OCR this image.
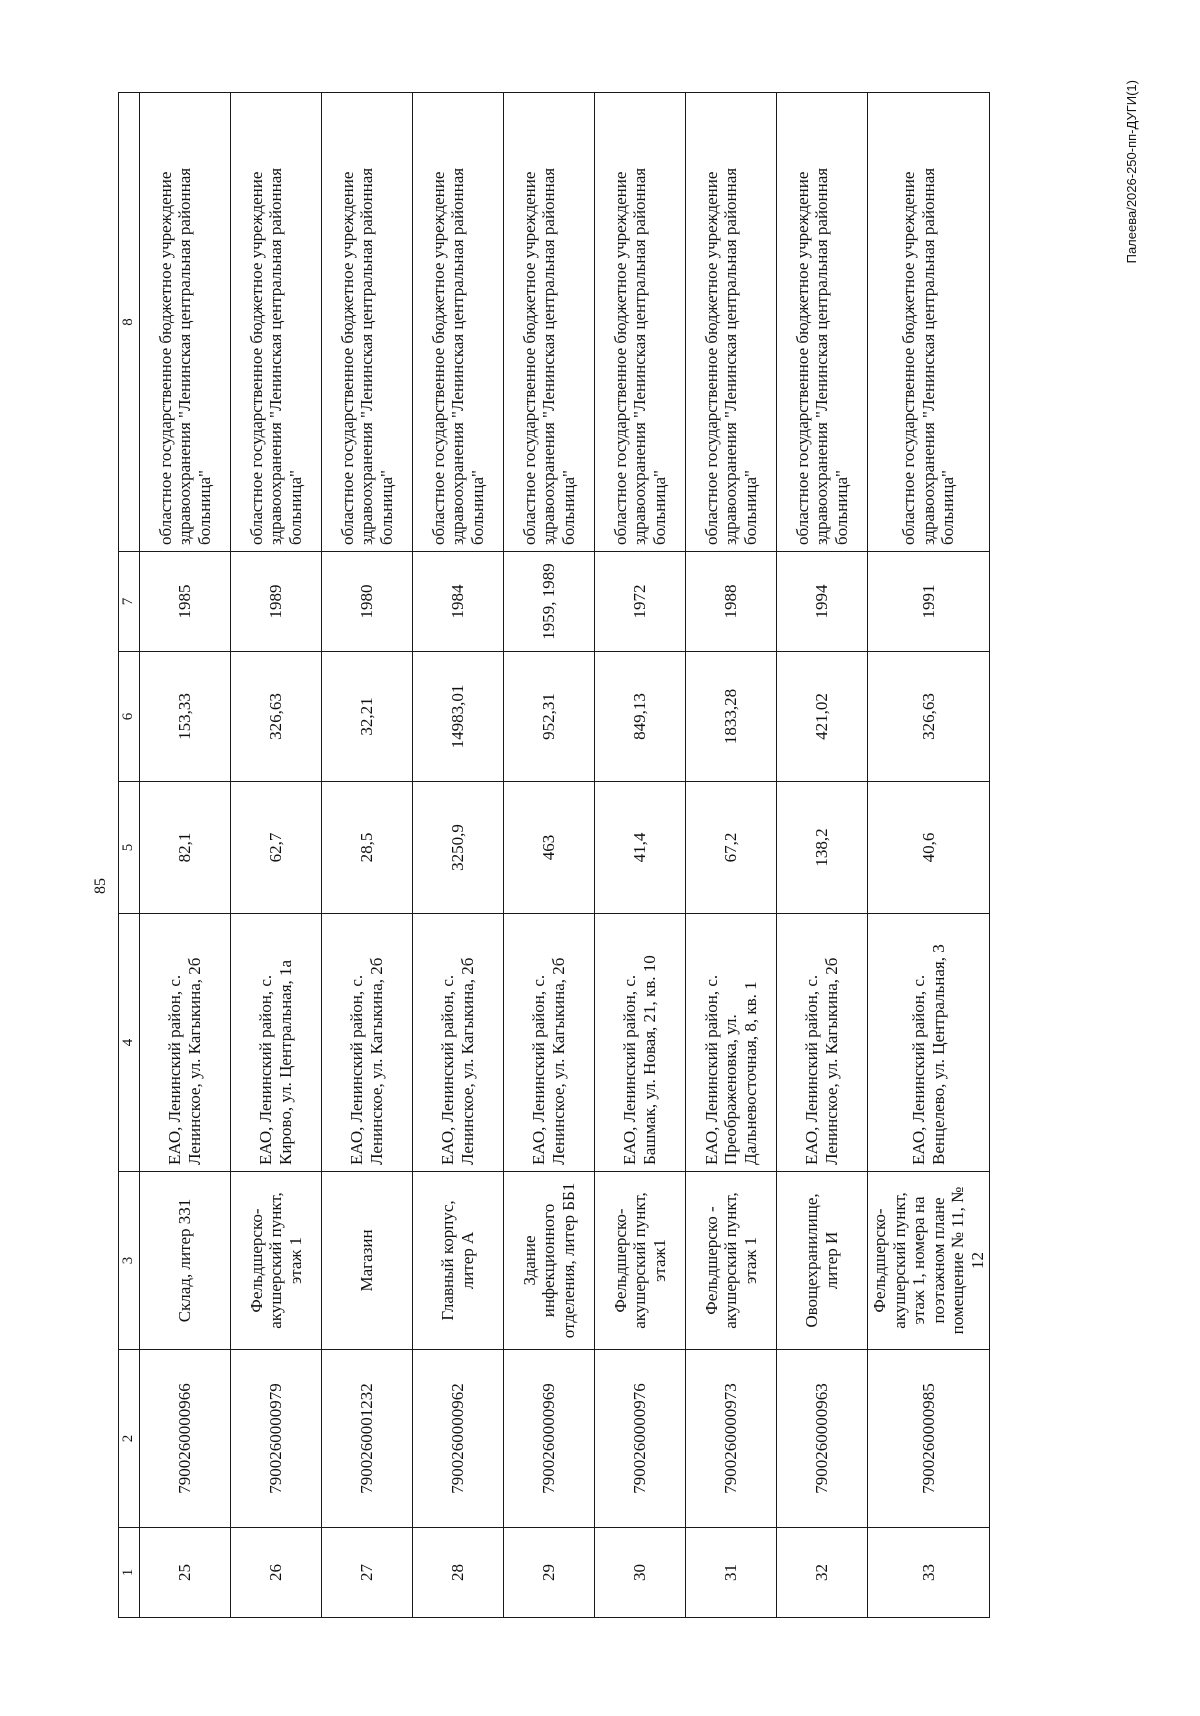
85
1	2	3	4	5	6	7	8
25	7900260000966	Склад, литер 331	ЕАО, Ленинский район, с. Ленинское, ул. Кагыкина, 2б	82,1	153,33	1985	областное государственное бюджетное учреждение здравоохранения "Ленинская центральная районная больница"
26	7900260000979	Фельдшерско-акушерский пункт, этаж 1	ЕАО, Ленинский район, с. Кирово, ул. Центральная, 1а	62,7	326,63	1989	областное государственное бюджетное учреждение здравоохранения "Ленинская центральная районная больница"
27	7900260001232	Магазин	ЕАО, Ленинский район, с. Ленинское, ул. Кагыкина, 2б	28,5	32,21	1980	областное государственное бюджетное учреждение здравоохранения "Ленинская центральная районная больница"
28	7900260000962	Главный корпус, литер А	ЕАО, Ленинский район, с. Ленинское, ул. Кагыкина, 2б	3250,9	14983,01	1984	областное государственное бюджетное учреждение здравоохранения "Ленинская центральная районная больница"
29	7900260000969	Здание инфекционного отделения, литер ББ1	ЕАО, Ленинский район, с. Ленинское, ул. Кагыкина, 2б	463	952,31	1959, 1989	областное государственное бюджетное учреждение здравоохранения "Ленинская центральная районная больница"
30	7900260000976	Фельдшерско-акушерский пункт, этаж1	ЕАО, Ленинский район, с. Башмак, ул. Новая, 21, кв. 10	41,4	849,13	1972	областное государственное бюджетное учреждение здравоохранения "Ленинская центральная районная больница"
31	7900260000973	Фельдшерско - акушерский пункт, этаж 1	ЕАО, Ленинский район, с. Преображеновка, ул. Дальневосточная, 8, кв. 1	67,2	1833,28	1988	областное государственное бюджетное учреждение здравоохранения "Ленинская центральная районная больница"
32	7900260000963	Овощехранилище, литер И	ЕАО, Ленинский район, с. Ленинское, ул. Кагыкина, 2б	138,2	421,02	1994	областное государственное бюджетное учреждение здравоохранения "Ленинская центральная районная больница"
33	7900260000985	Фельдшерско-акушерский пункт, этаж 1, номера на поэтажном плане помещение № 11, № 12	ЕАО, Ленинский район, с. Венцелево, ул. Центральная, 3	40,6	326,63	1991	областное государственное бюджетное учреждение здравоохранения "Ленинская центральная районная больница"
Палеева/2026-250-пп-ДУГИ(1)
